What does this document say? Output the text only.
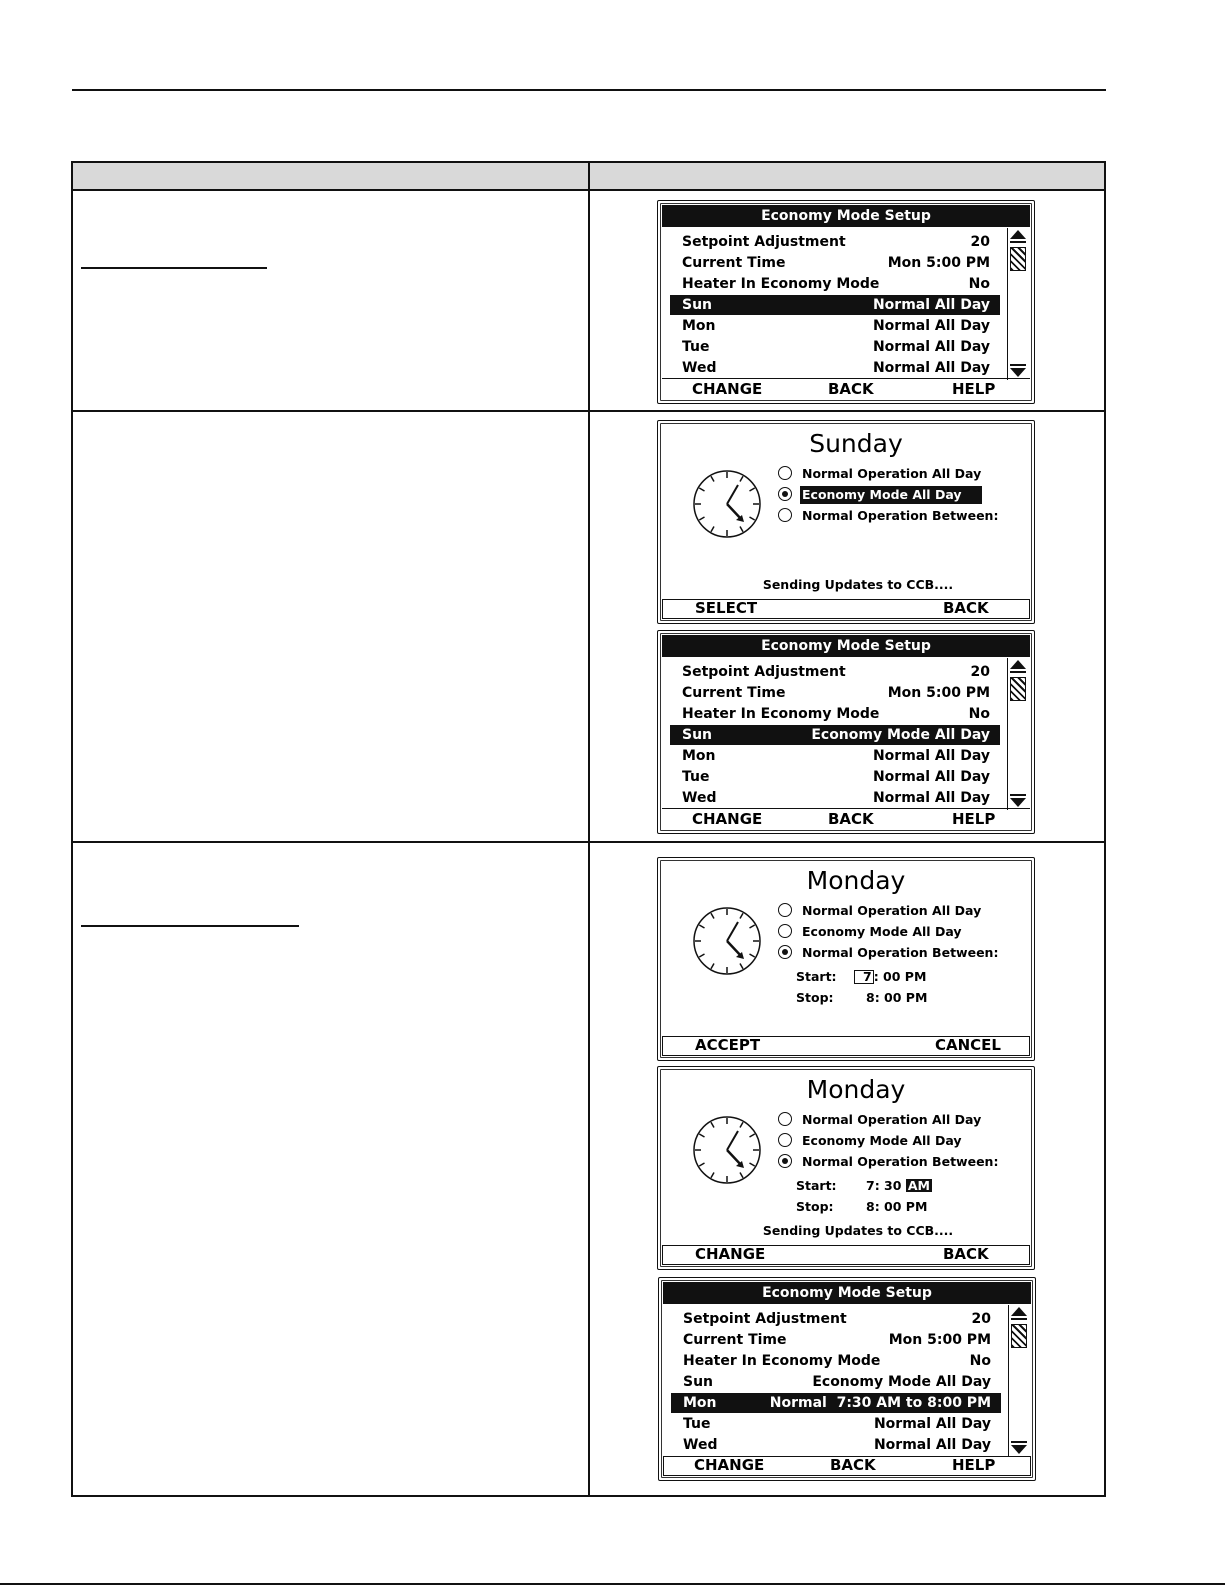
Economy Mode Setup
Setpoint Adjustment	20
Current Time	Mon 5:00 PM
Heater In Economy Mode	No
Sun	Normal All Day
Mon	Normal All Day
Tue	Normal All Day
Wed	Normal All Day
CHANGE	BACK	HELP
Sunday
Normal Operation All Day
Economy Mode All Day
Normal Operation Between:
Sending Updates to CCB....
SELECT	BACK
Economy Mode Setup
Setpoint Adjustment	20
Current Time	Mon 5:00 PM
Heater In Economy Mode	No
Sun	Economy Mode All Day
Mon	Normal All Day
Tue	Normal All Day
Wed	Normal All Day
CHANGE	BACK	HELP
Monday
Normal Operation All Day
Economy Mode All Day
Normal Operation Between:
Start:	7 : 00 PM
Stop:	8: 00 PM
ACCEPT	CANCEL
Monday
Normal Operation All Day
Economy Mode All Day
Normal Operation Between:
Start: 7: 30 AM
Stop:	8: 00 PM
Sending Updates to CCB....
CHANGE	BACK
Economy Mode Setup
Setpoint Adjustment	20
Current Time	Mon 5:00 PM
Heater In Economy Mode	No
Sun	Economy Mode All Day
Mon	Normal  7:30 AM to 8:00 PM
Tue	Normal All Day
Wed	Normal All Day
CHANGE	BACK	HELP
